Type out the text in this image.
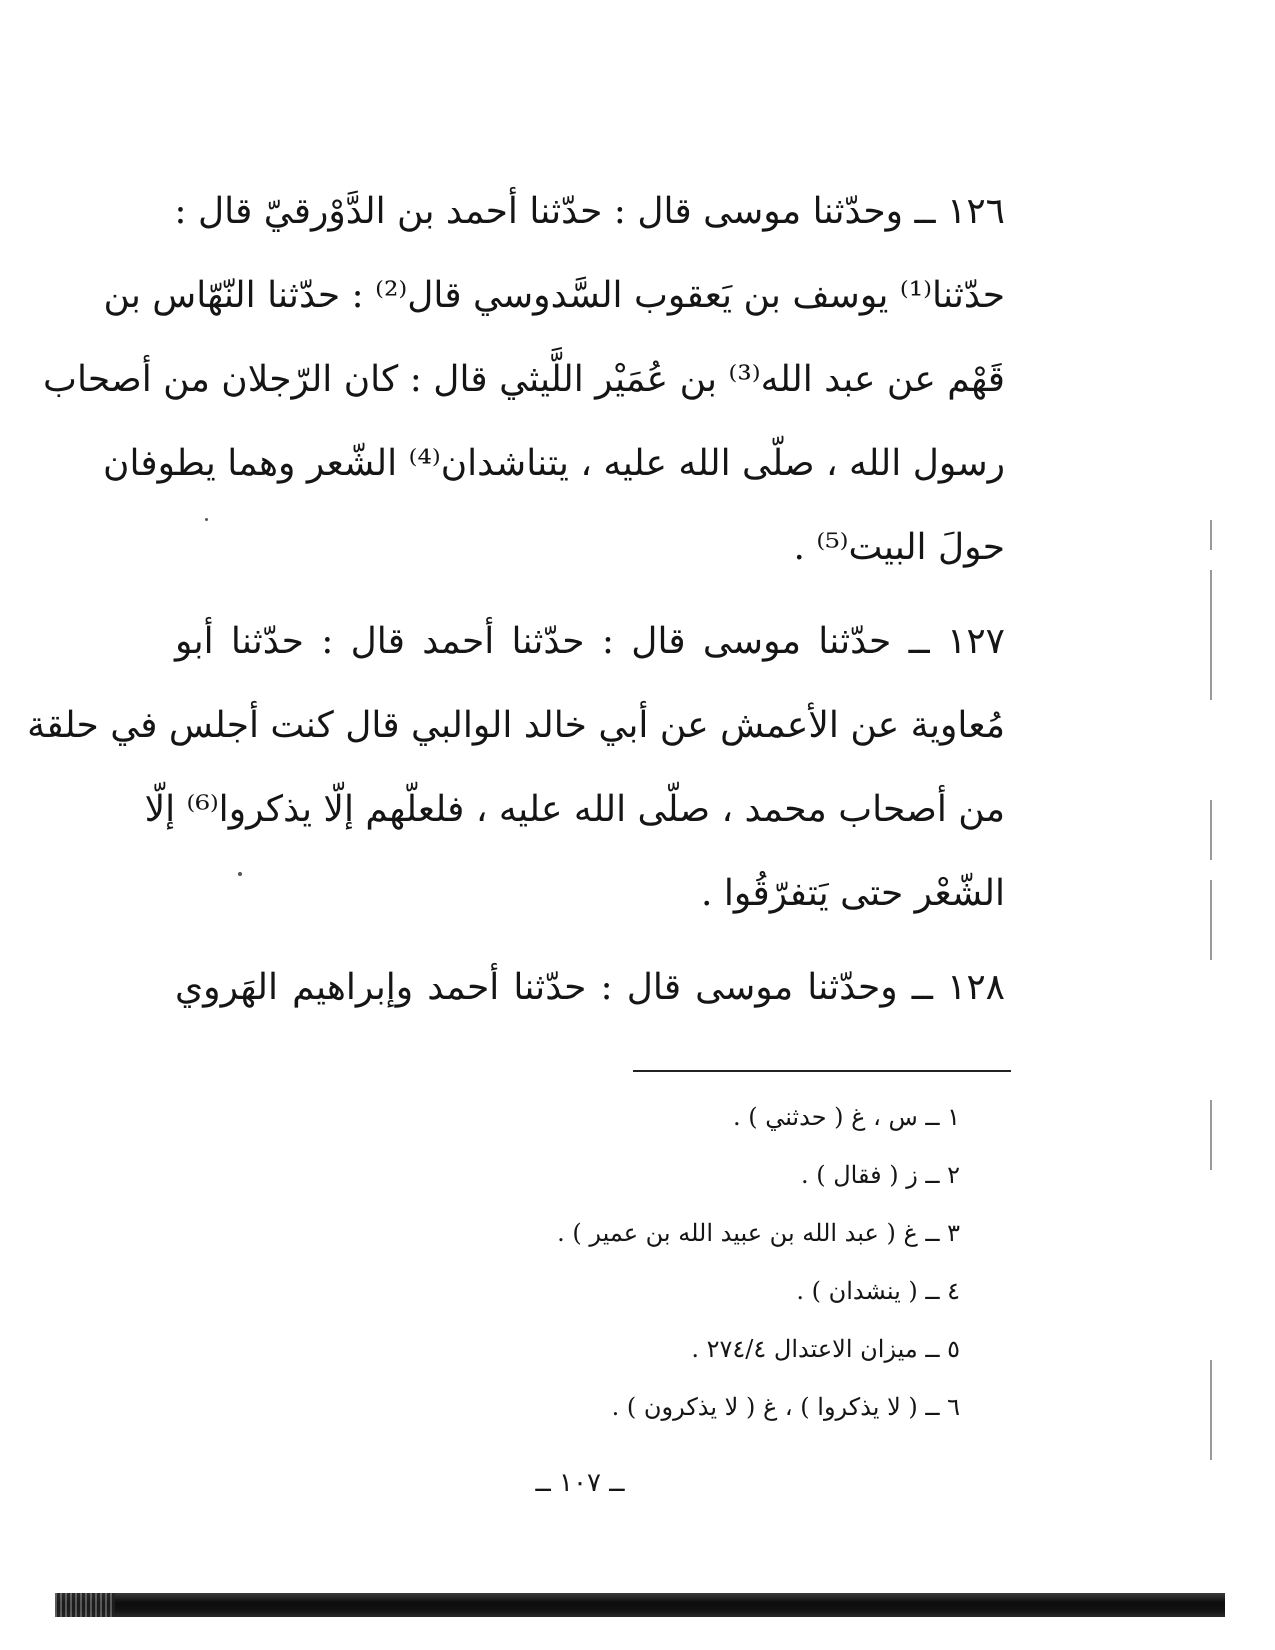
١٢٦ ــ وحدّثنا موسى قال : حدّثنا أحمد بن الدَّوْرقيّ قال :
حدّثنا⁽¹⁾ يوسف بن يَعقوب السَّدوسي قال⁽²⁾ : حدّثنا النّهّاس بن
قَهْم عن عبد الله⁽³⁾ بن عُمَيْر اللَّيثي قال : كان الرّجلان من أصحاب
رسول الله ، صلّى الله عليه ، يتناشدان⁽⁴⁾ الشّعر وهما يطوفان
حولَ البيت⁽⁵⁾ .
١٢٧ ــ حدّثنا موسى قال : حدّثنا أحمد قال : حدّثنا أبو
مُعاوية عن الأعمش عن أبي خالد الوالبي قال كنت أجلس في حلقة
من أصحاب محمد ، صلّى الله عليه ، فلعلّهم إلّا يذكروا⁽⁶⁾ إلّا
الشّعْر حتى يَتفرّقُوا .
١٢٨ ــ وحدّثنا موسى قال : حدّثنا أحمد وإبراهيم الهَروي
١ ــ س ، غ ( حدثني ) .
٢ ــ ز ( فقال ) .
٣ ــ غ ( عبد الله بن عبيد الله بن عمير ) .
٤ ــ ( ينشدان ) .
٥ ــ ميزان الاعتدال ٢٧٤/٤ .
٦ ــ ( لا يذكروا ) ، غ ( لا يذكرون ) .
ــ ١٠٧ ــ
